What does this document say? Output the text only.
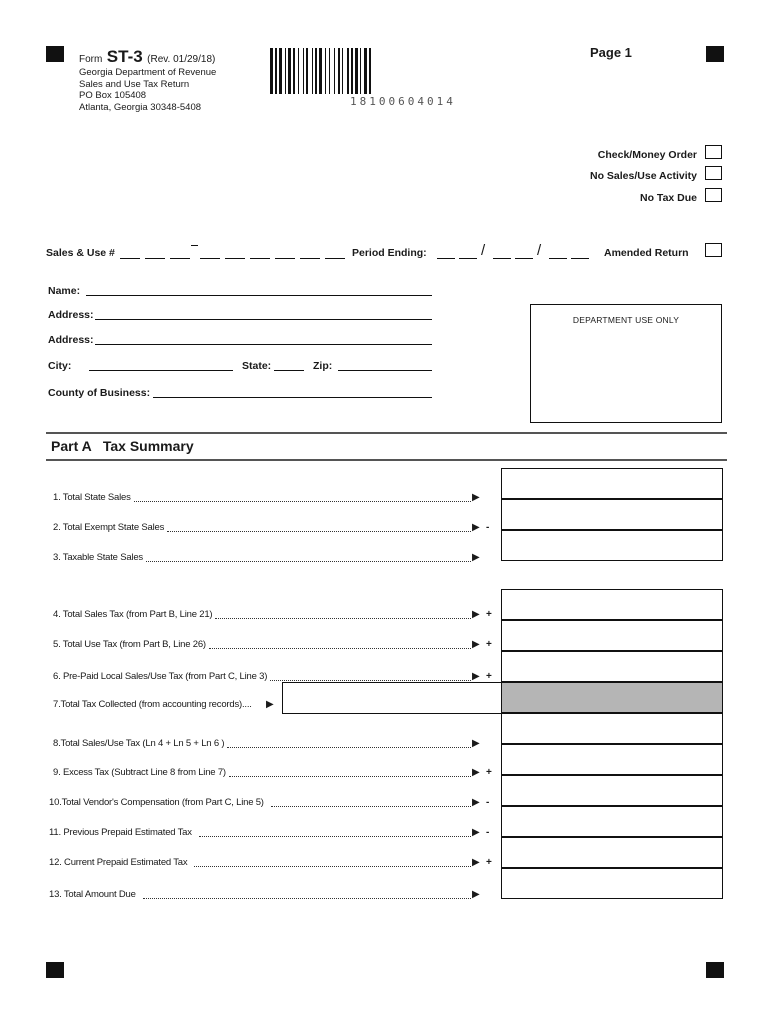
Form ST-3 (Rev. 01/29/18)
Georgia Department of Revenue
Sales and Use Tax Return
PO Box 105408
Atlanta, Georgia 30348-5408	18100604014
Page 1
Check/Money Order
No Sales/Use Activity
No Tax Due
Sales & Use #	Period Ending:	/	/	Amended Return
Name:
Address:
Address:
City:	State:	Zip:
County of Business:
DEPARTMENT USE ONLY
Part A   Tax Summary
1. Total State Sales	▶
2. Total Exempt State Sales	▶ -
3. Taxable State Sales	▶
4. Total Sales Tax (from Part B, Line 21)	▶ +
5. Total Use Tax (from Part B, Line 26)	▶ +
6. Pre-Paid Local Sales/Use Tax (from Part C, Line 3)	▶ +
7.Total Tax Collected (from accounting records).... ▶
8.Total Sales/Use Tax (Ln 4 + Ln 5 + Ln 6 )	▶
9. Excess Tax (Subtract Line 8 from Line 7)	▶ +
10.Total Vendor's Compensation (from Part C, Line 5)	▶ -
11. Previous Prepaid Estimated Tax	▶ -
12. Current Prepaid Estimated Tax	▶ +
13. Total Amount Due	▶
